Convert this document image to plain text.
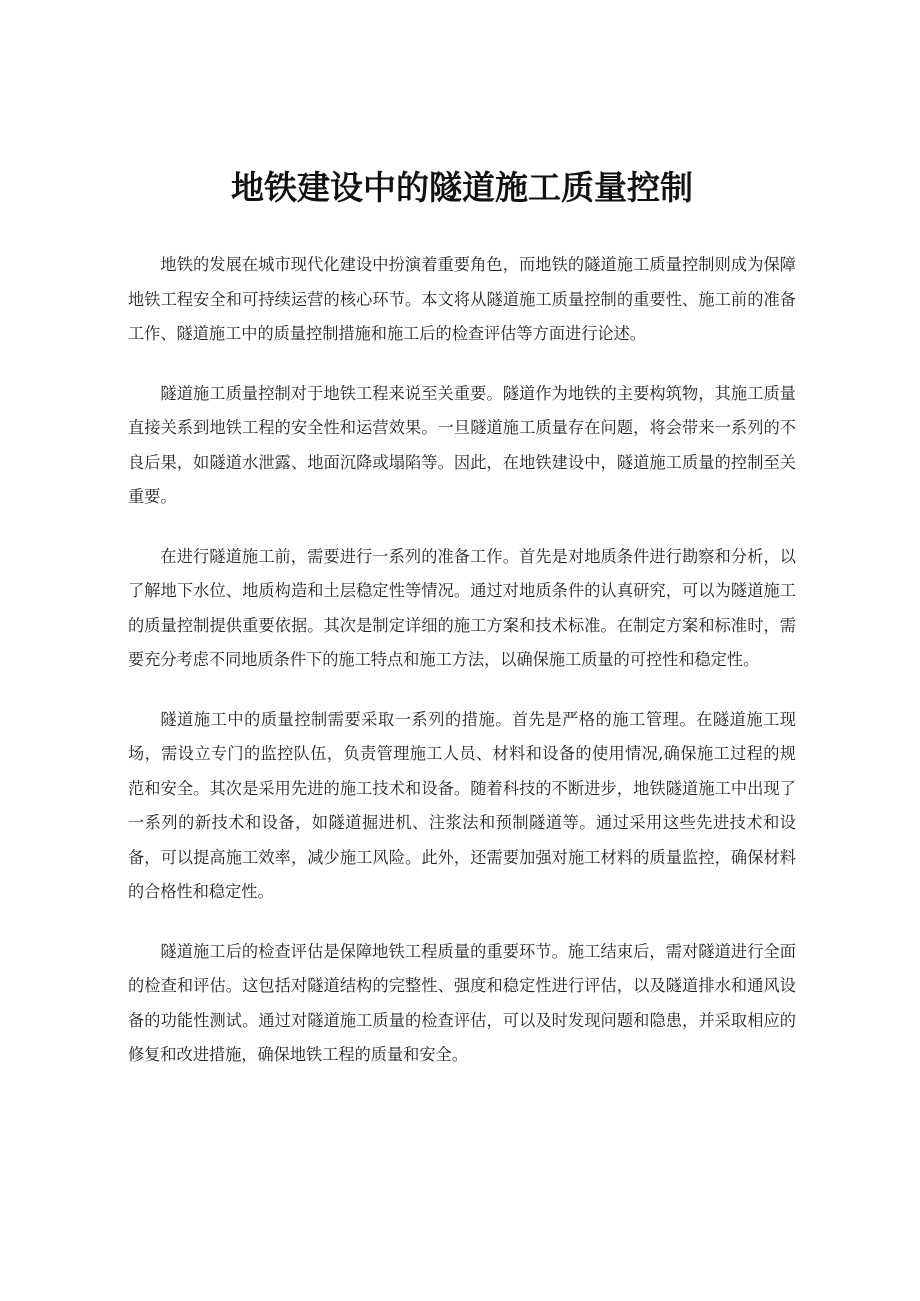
地铁建设中的隧道施工质量控制

地铁的发展在城市现代化建设中扮演着重要角色，而地铁的隧道施工质量控制则成为保障地铁工程安全和可持续运营的核心环节。本文将从隧道施工质量控制的重要性、施工前的准备工作、隧道施工中的质量控制措施和施工后的检查评估等方面进行论述。

隧道施工质量控制对于地铁工程来说至关重要。隧道作为地铁的主要构筑物，其施工质量直接关系到地铁工程的安全性和运营效果。一旦隧道施工质量存在问题，将会带来一系列的不良后果，如隧道水泄露、地面沉降或塌陷等。因此，在地铁建设中，隧道施工质量的控制至关重要。

在进行隧道施工前，需要进行一系列的准备工作。首先是对地质条件进行勘察和分析，以了解地下水位、地质构造和土层稳定性等情况。通过对地质条件的认真研究，可以为隧道施工的质量控制提供重要依据。其次是制定详细的施工方案和技术标准。在制定方案和标准时，需要充分考虑不同地质条件下的施工特点和施工方法，以确保施工质量的可控性和稳定性。

隧道施工中的质量控制需要采取一系列的措施。首先是严格的施工管理。在隧道施工现场，需设立专门的监控队伍，负责管理施工人员、材料和设备的使用情况,确保施工过程的规范和安全。其次是采用先进的施工技术和设备。随着科技的不断进步，地铁隧道施工中出现了一系列的新技术和设备，如隧道掘进机、注浆法和预制隧道等。通过采用这些先进技术和设备，可以提高施工效率，减少施工风险。此外，还需要加强对施工材料的质量监控，确保材料的合格性和稳定性。

隧道施工后的检查评估是保障地铁工程质量的重要环节。施工结束后，需对隧道进行全面的检查和评估。这包括对隧道结构的完整性、强度和稳定性进行评估，以及隧道排水和通风设备的功能性测试。通过对隧道施工质量的检查评估，可以及时发现问题和隐患，并采取相应的修复和改进措施，确保地铁工程的质量和安全。
